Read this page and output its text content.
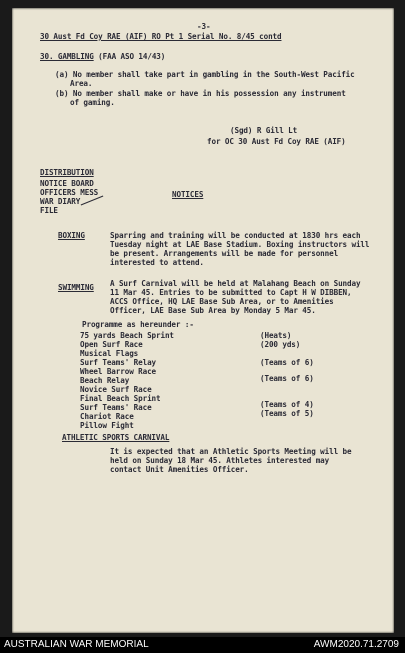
-3-
30 Aust Fd Coy RAE (AIF) RO Pt 1 Serial No. 8/45 contd
30. GAMBLING (FAA ASO 14/43)
(a) No member shall take part in gambling in the South-West Pacific
Area.
(b) No member shall make or have in his possession any instrument
of gaming.
(Sgd) R Gill Lt
for OC 30 Aust Fd Coy RAE (AIF)
DISTRIBUTION
NOTICE BOARD
OFFICERS MESS
WAR DIARY
FILE
NOTICES
BOXING	Sparring and training will be conducted at 1830 hrs each
Tuesday night at LAE Base Stadium. Boxing instructors will
be present. Arrangements will be made for personnel
interested to attend.
SWIMMING A Surf Carnival will be held at Malahang Beach on Sunday
11 Mar 45. Entries to be submitted to Capt H W DIBBEN,
ACCS Office, HQ LAE Base Sub Area, or to Amenities
Officer, LAE Base Sub Area by Monday 5 Mar 45.
Programme as hereunder :-
75 yards Beach Sprint	(Heats)
Open Surf Race	(200 yds)
Musical Flags
Surf Teams' Relay	(Teams of 6)
Wheel Barrow Race
Beach Relay	(Teams of 6)
Novice Surf Race
Final Beach Sprint
Surf Teams' Race	(Teams of 4)
Chariot Race	(Teams of 5)
Pillow Fight
ATHLETIC SPORTS CARNIVAL
It is expected that an Athletic Sports Meeting will be
held on Sunday 18 Mar 45. Athletes interested may
contact Unit Amenities Officer.
AUSTRALIAN WAR MEMORIAL	AWM2020.71.2709
